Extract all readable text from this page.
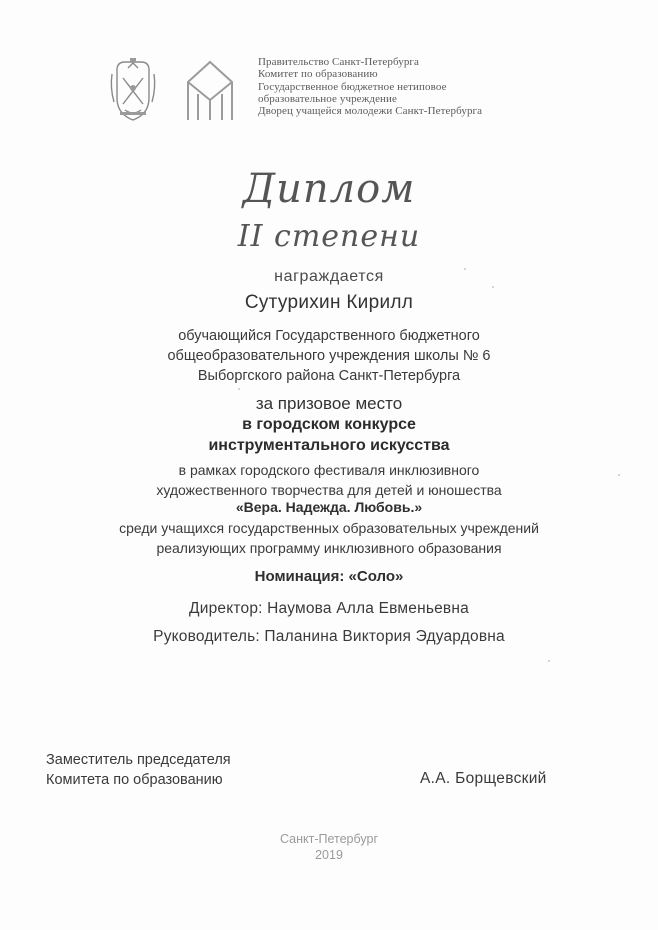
Правительство Санкт-Петербурга
Комитет по образованию
Государственное бюджетное нетиповое
образовательное учреждение
Дворец учащейся молодежи Санкт-Петербурга
Диплом
II степени
награждается
Сутурихин Кирилл
обучающийся Государственного бюджетного
общеобразовательного учреждения школы № 6
Выборгского района Санкт-Петербурга
за призовое место
в городском конкурсе
инструментального искусства
в рамках городского фестиваля инклюзивного
художественного творчества для детей и юношества
«Вера. Надежда. Любовь.»
среди учащихся государственных образовательных учреждений
реализующих программу инклюзивного образования
Номинация: «Соло»
Директор: Наумова Алла Евменьевна
Руководитель: Паланина Виктория Эдуардовна
Заместитель председателя
Комитета по образованию	А.А. Борщевский
Санкт-Петербург
2019
